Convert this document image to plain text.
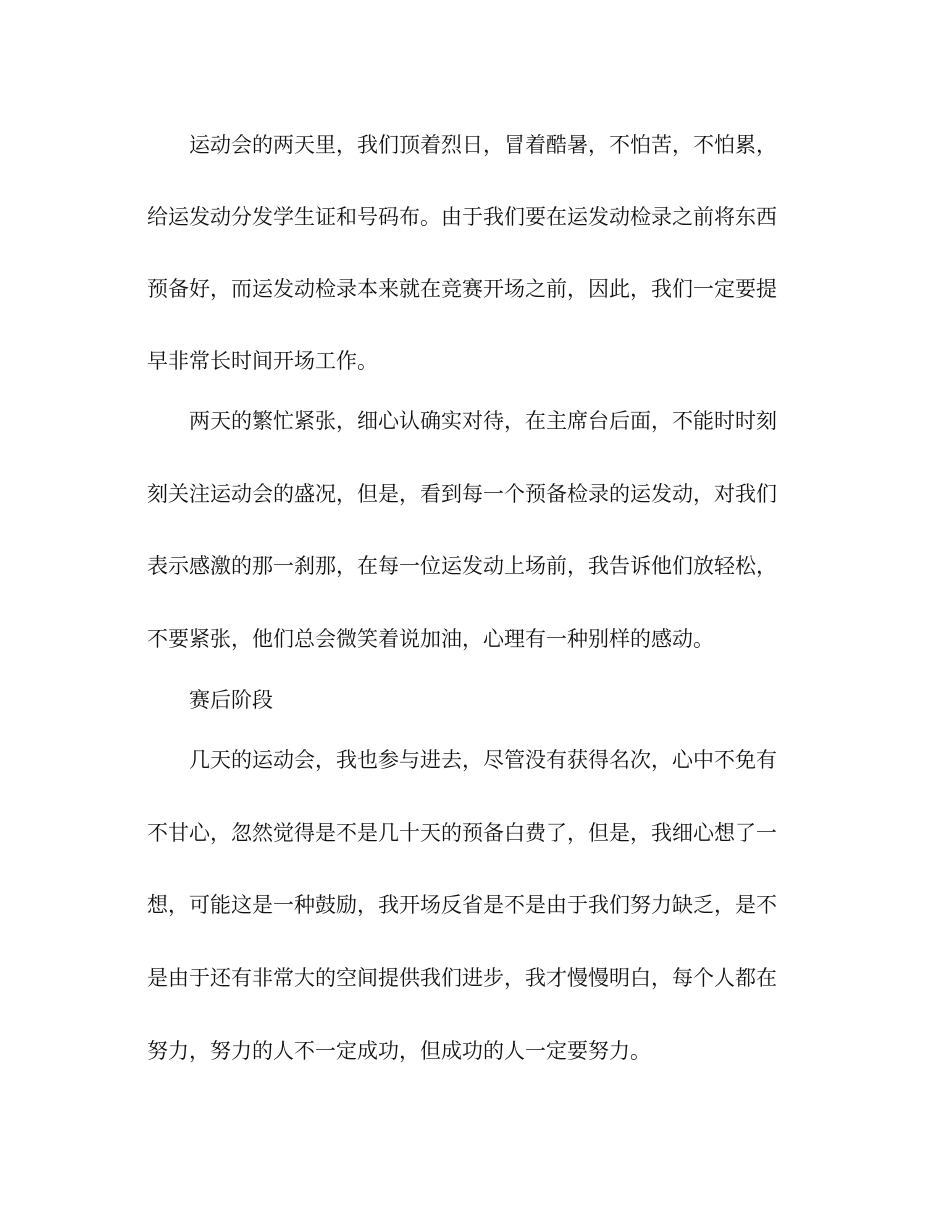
运动会的两天里，我们顶着烈日，冒着酷暑，不怕苦，不怕累，
给运发动分发学生证和号码布。由于我们要在运发动检录之前将东西
预备好，而运发动检录本来就在竞赛开场之前，因此，我们一定要提
早非常长时间开场工作。
两天的繁忙紧张，细心认确实对待，在主席台后面，不能时时刻
刻关注运动会的盛况，但是，看到每一个预备检录的运发动，对我们
表示感激的那一刹那，在每一位运发动上场前，我告诉他们放轻松，
不要紧张，他们总会微笑着说加油，心理有一种别样的感动。
赛后阶段
几天的运动会，我也参与进去，尽管没有获得名次，心中不免有
不甘心，忽然觉得是不是几十天的预备白费了，但是，我细心想了一
想，可能这是一种鼓励，我开场反省是不是由于我们努力缺乏，是不
是由于还有非常大的空间提供我们进步，我才慢慢明白，每个人都在
努力，努力的人不一定成功，但成功的人一定要努力。
